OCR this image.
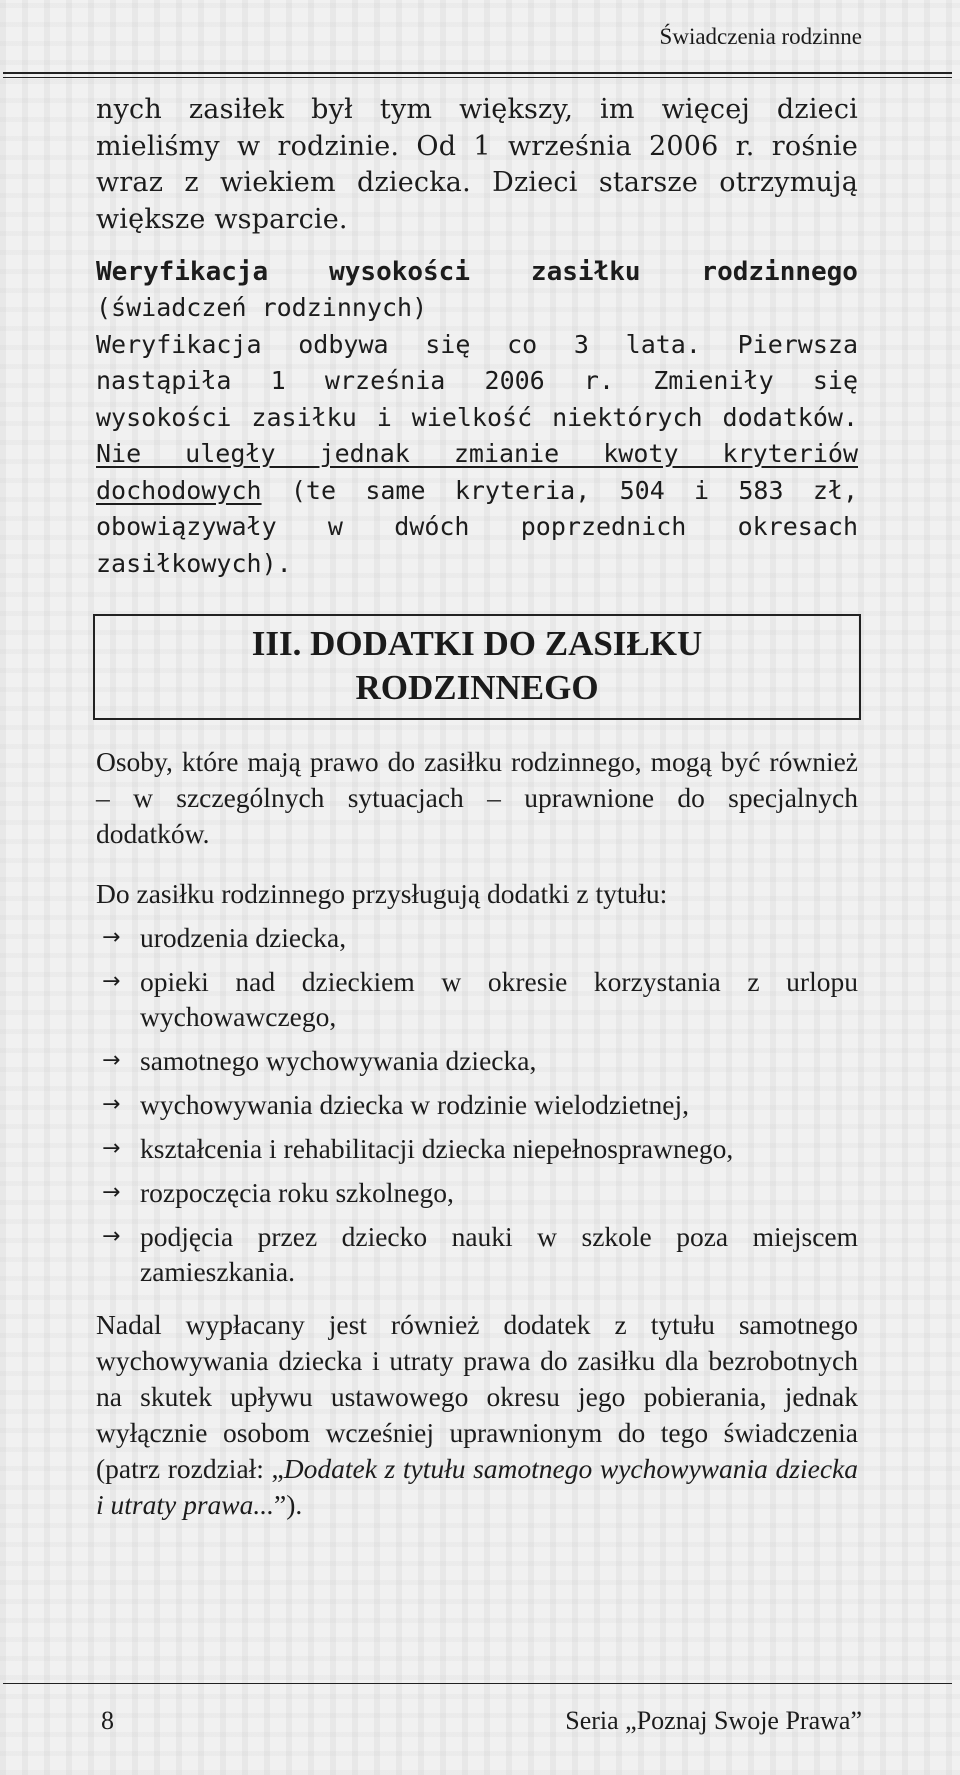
Świadczenia rodzinne

nych zasiłek był tym większy, im więcej dzieci mieliśmy w rodzinie. Od 1 września 2006 r. rośnie wraz z wiekiem dziecka. Dzieci starsze otrzymują większe wsparcie.

Weryfikacja wysokości zasiłku rodzinnego

(świadczeń rodzinnych)

Weryfikacja odbywa się co 3 lata. Pierwsza nastąpiła 1 września 2006 r. Zmieniły się wysokości zasiłku i wielkość niektórych dodatków. Nie uległy jednak zmianie kwoty kryteriów dochodowych (te same kryteria, 504 i 583 zł, obowiązywały w dwóch poprzednich okresach zasiłkowych).

III. DODATKI DO ZASIŁKU
RODZINNEGO

Osoby, które mają prawo do zasiłku rodzinnego, mogą być również – w szczególnych sytuacjach – uprawnione do specjalnych dodatków.

Do zasiłku rodzinnego przysługują dodatki z tytułu:

→ urodzenia dziecka,
→ opieki nad dzieckiem w okresie korzystania z urlopu wychowawczego,
→ samotnego wychowywania dziecka,
→ wychowywania dziecka w rodzinie wielodzietnej,
→ kształcenia i rehabilitacji dziecka niepełnosprawnego,
→ rozpoczęcia roku szkolnego,
→ podjęcia przez dziecko nauki w szkole poza miejscem zamieszkania.

Nadal wypłacany jest również dodatek z tytułu samotnego wychowywania dziecka i utraty prawa do zasiłku dla bezrobotnych na skutek upływu ustawowego okresu jego pobierania, jednak wyłącznie osobom wcześniej uprawnionym do tego świadczenia (patrz rozdział: „Dodatek z tytułu samotnego wychowywania dziecka i utraty prawa...”).

8	Seria „Poznaj Swoje Prawa”
